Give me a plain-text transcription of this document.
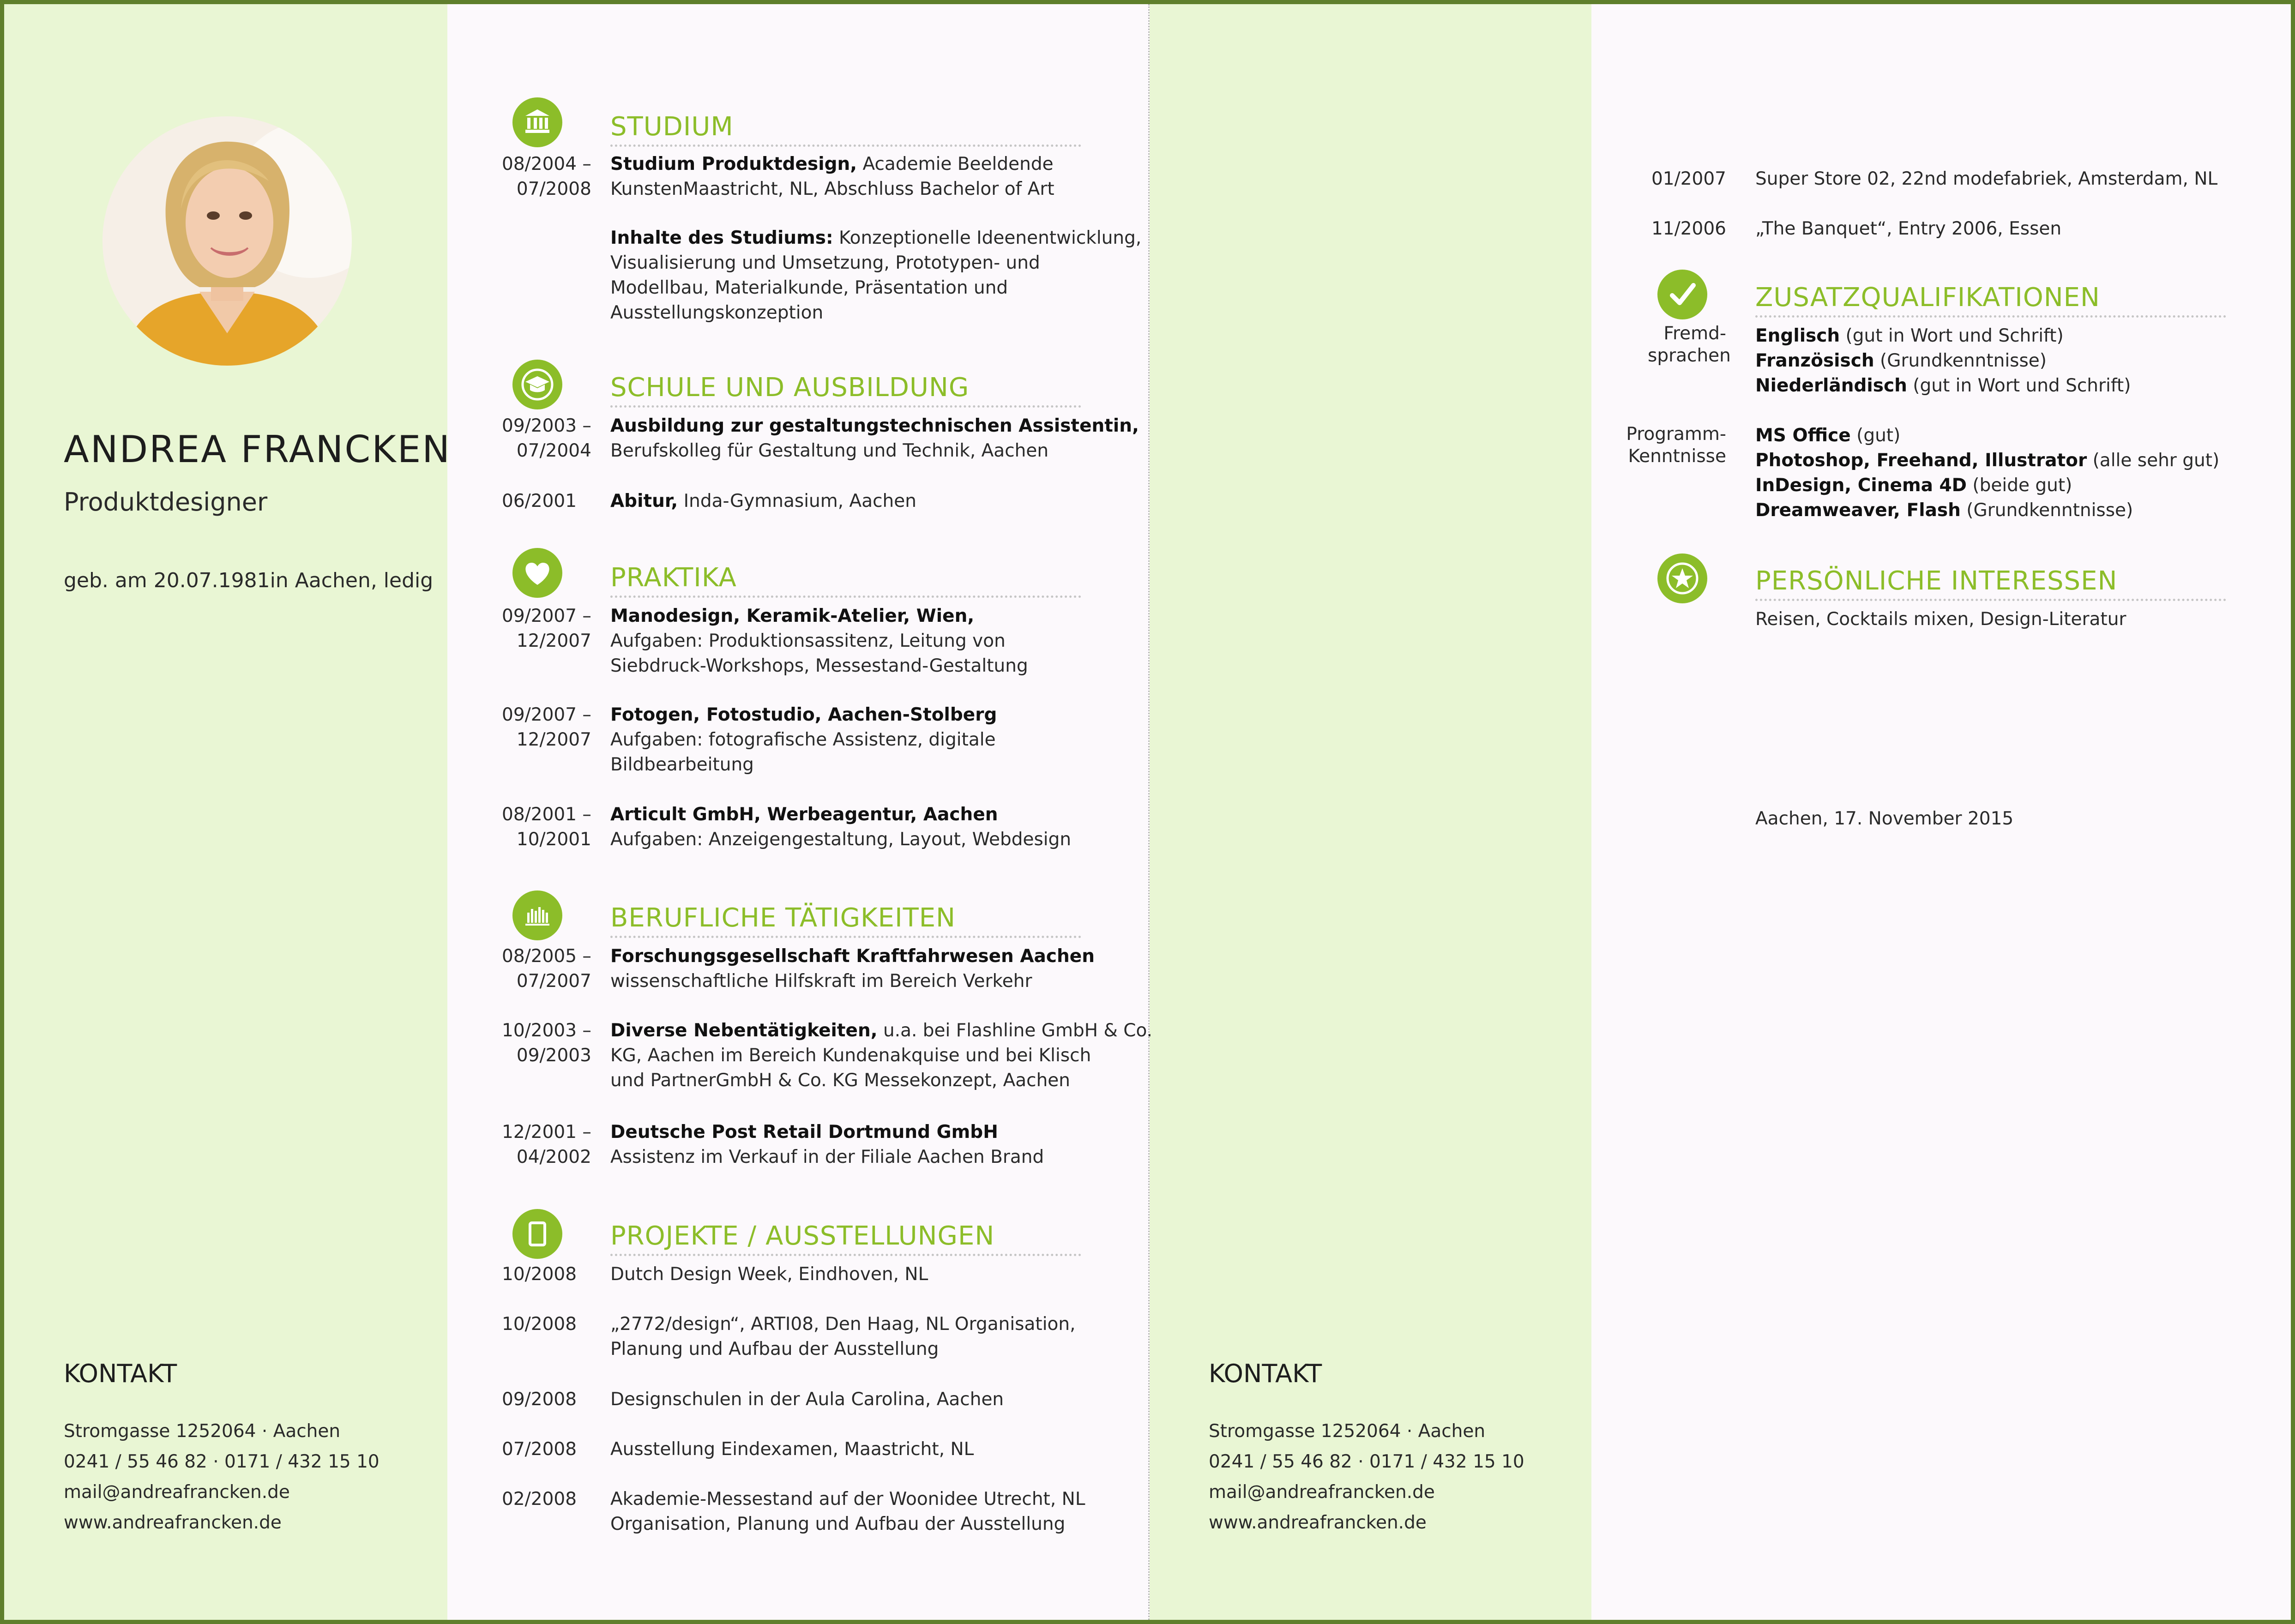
ANDREA FRANCKEN
Produktdesigner
geb. am 20.07.1981in Aachen, ledig
KONTAKT
Stromgasse 1252064 · Aachen
0241 / 55 46 82 · 0171 / 432 15 10
mail@andreafrancken.de
www.andreafrancken.de
STUDIUM
08/2004 –
07/2008
Studium Produktdesign, Academie Beeldende
KunstenMaastricht, NL, Abschluss Bachelor of Art
Inhalte des Studiums: Konzeptionelle Ideenentwicklung,
Visualisierung und Umsetzung, Prototypen- und
Modellbau, Materialkunde, Präsentation und
Ausstellungskonzeption
SCHULE UND AUSBILDUNG
09/2003 –
07/2004
Ausbildung zur gestaltungstechnischen Assistentin,
Berufskolleg für Gestaltung und Technik, Aachen
06/2001 Abitur, Inda-Gymnasium, Aachen
PRAKTIKA
09/2007 –
12/2007
Manodesign, Keramik-Atelier, Wien,
Aufgaben: Produktionsassitenz, Leitung von
Siebdruck-Workshops, Messestand-Gestaltung
09/2007 –
12/2007
Fotogen, Fotostudio, Aachen-Stolberg
Aufgaben: fotografische Assistenz, digitale
Bildbearbeitung
08/2001 –
10/2001
Articult GmbH, Werbeagentur, Aachen
Aufgaben: Anzeigengestaltung, Layout, Webdesign
BERUFLICHE TÄTIGKEITEN
08/2005 –
07/2007
Forschungsgesellschaft Kraftfahrwesen Aachen
wissenschaftliche Hilfskraft im Bereich Verkehr
10/2003 –
09/2003
Diverse Nebentätigkeiten, u.a. bei Flashline GmbH & Co.
KG, Aachen im Bereich Kundenakquise und bei Klisch
und PartnerGmbH & Co. KG Messekonzept, Aachen
12/2001 –
04/2002
Deutsche Post Retail Dortmund GmbH
Assistenz im Verkauf in der Filiale Aachen Brand
PROJEKTE / AUSSTELLUNGEN
10/2008 Dutch Design Week, Eindhoven, NL
10/2008 „2772/design“, ARTI08, Den Haag, NL Organisation,
Planung und Aufbau der Ausstellung
09/2008 Designschulen in der Aula Carolina, Aachen
07/2008 Ausstellung Eindexamen, Maastricht, NL
02/2008 Akademie-Messestand auf der Woonidee Utrecht, NL
Organisation, Planung und Aufbau der Ausstellung
KONTAKT
Stromgasse 1252064 · Aachen
0241 / 55 46 82 · 0171 / 432 15 10
mail@andreafrancken.de
www.andreafrancken.de
01/2007 Super Store 02, 22nd modefabriek, Amsterdam, NL
11/2006 „The Banquet“, Entry 2006, Essen
ZUSATZQUALIFIKATIONEN
Fremd-
sprachen
Englisch (gut in Wort und Schrift)
Französisch (Grundkenntnisse)
Niederländisch (gut in Wort und Schrift)
Programm-
Kenntnisse
MS Office (gut)
Photoshop, Freehand, Illustrator (alle sehr gut)
InDesign, Cinema 4D (beide gut)
Dreamweaver, Flash (Grundkenntnisse)
PERSÖNLICHE INTERESSEN
Reisen, Cocktails mixen, Design-Literatur
Aachen, 17. November 2015
